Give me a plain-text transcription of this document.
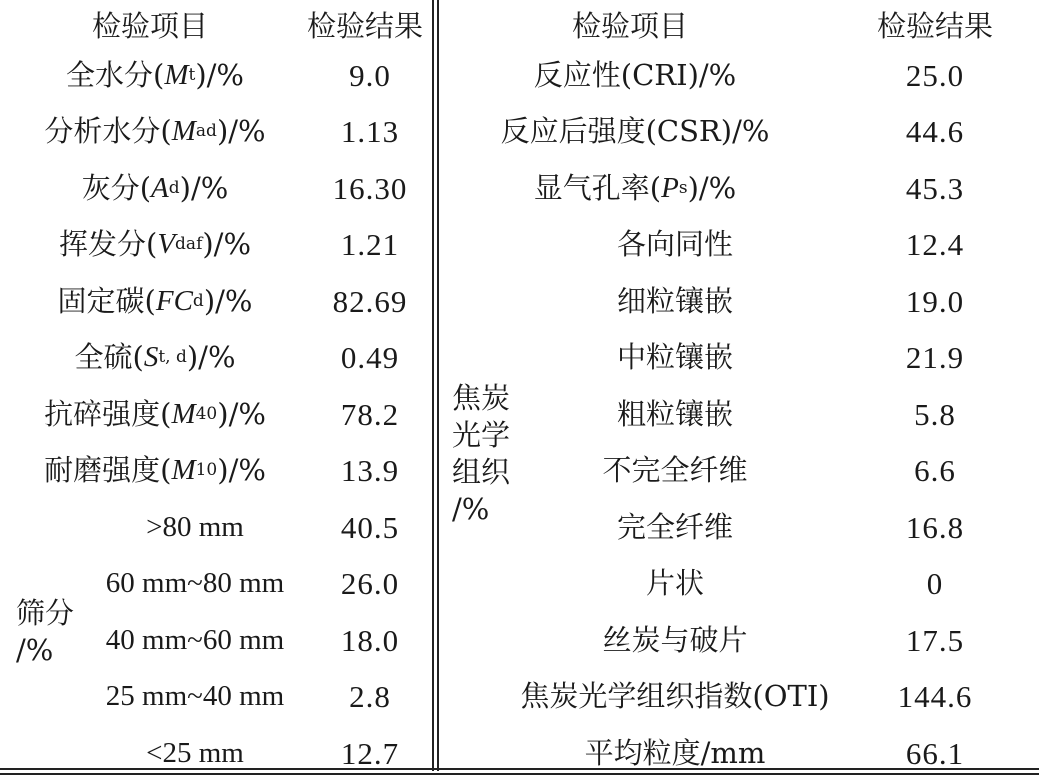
检验项目	检验结果
全水分( M t )/%	9.0
分析水分( M ad )/%	1.13
灰分( A d )/%	16.30
挥发分( V daf )/%	1.21
固定碳( FC d )/%	82.69
全硫( S t, d )/%	0.49
抗碎强度( M 40 )/%	78.2
耐磨强度( M 10 )/%	13.9
筛分
/%
>80 mm	40.5
60 mm~80 mm	26.0
40 mm~60 mm	18.0
25 mm~40 mm	2.8
<25 mm	12.7
检验项目	检验结果
反应性(CRI)/%	25.0
反应后强度(CSR)/%	44.6
显气孔率( P s )/%	45.3
焦炭
光学
组织
/%
各向同性	12.4
细粒镶嵌	19.0
中粒镶嵌	21.9
粗粒镶嵌	5.8
不完全纤维	6.6
完全纤维	16.8
片状	0
丝炭与破片	17.5
焦炭光学组织指数(OTI)	144.6
平均粒度/mm	66.1
